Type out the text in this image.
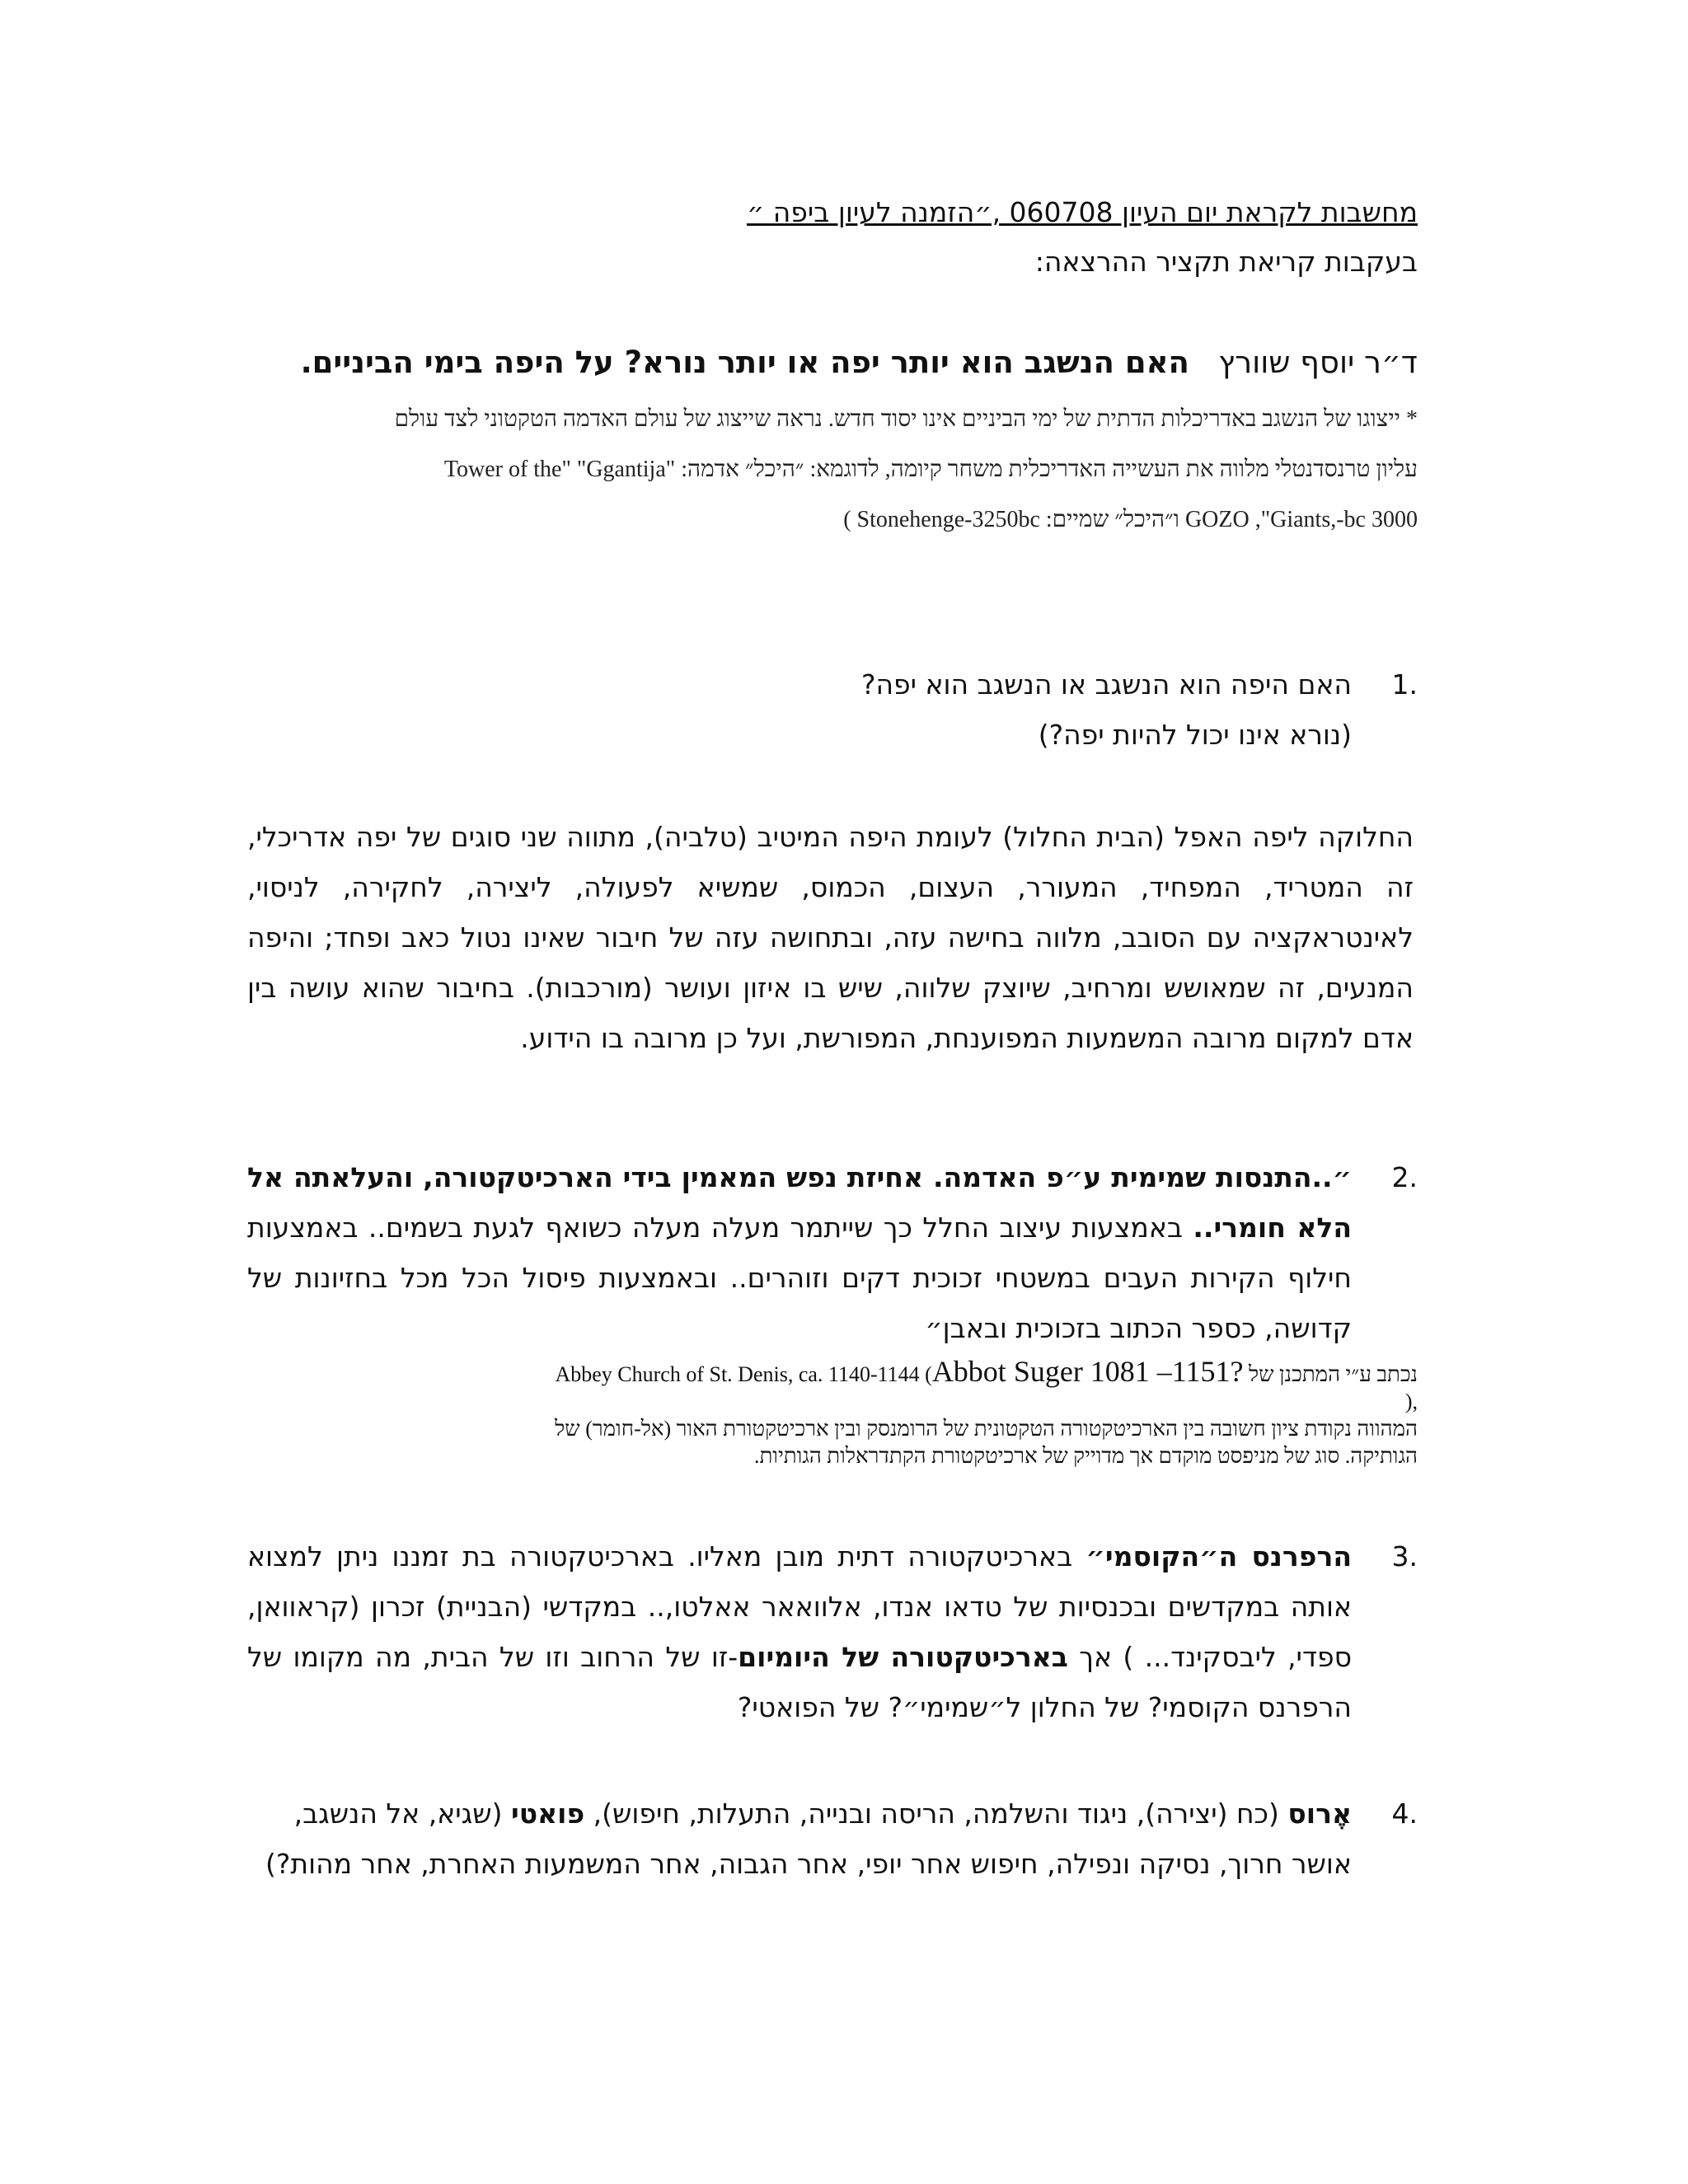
מחשבות לקראת יום העיון 060708 ,״הזמנה לעיון ביפה ״
בעקבות קריאת תקציר ההרצאה:
ד״ר יוסף שוורץ   האם הנשגב הוא יותר יפה או יותר נורא? על היפה בימי הביניים.
* ייצוגו של הנשגב באדריכלות הדתית של ימי הביניים אינו יסוד חדש. נראה שייצוג של עולם האדמה הטקטוני לצד עולם
עליון טרנסדנטלי מלווה את העשייה האדריכלית משחר קיומה, לדוגמא: ״היכל״ אדמה: "Tower of the" "Ggantija
GOZO ,"Giants,-bc 3000 ו״היכל״ שמיים: Stonehenge-3250bc )
.1
האם היפה הוא הנשגב או הנשגב הוא יפה?
(נורא אינו יכול להיות יפה?)
החלוקה ליפה האפל (הבית החלול) לעומת היפה המיטיב (טלביה), מתווה שני סוגים של יפה אדריכלי, זה המטריד, המפחיד, המעורר, העצום, הכמוס, שמשיא לפעולה, ליצירה, לחקירה, לניסוי, לאינטראקציה עם הסובב, מלווה בחישה עזה, ובתחושה עזה של חיבור שאינו נטול כאב ופחד; והיפה המנעים, זה שמאושש ומרחיב, שיוצק שלווה, שיש בו איזון ועושר (מורכבות). בחיבור שהוא עושה בין אדם למקום מרובה המשמעות המפוענחת, המפורשת, ועל כן מרובה בו הידוע.
.2
״..התנסות שמימית ע״פ האדמה. אחיזת נפש המאמין בידי הארכיטקטורה, והעלאתה אל הלא חומרי.. באמצעות עיצוב החלל כך שייתמר מעלה מעלה כשואף לגעת בשמים.. באמצעות חילוף הקירות העבים במשטחי זכוכית דקים וזוהרים.. ובאמצעות פיסול הכל מכל בחזיונות של קדושה, כספר הכתוב בזכוכית ובאבן״
נכתב ע״י המתכנן של Abbey Church of St. Denis, ca. 1140-1144 (Abbot Suger 1081 –1151? ),
המהווה נקודת ציון חשובה בין הארכיטקטורה הטקטונית של הרומנסק ובין ארכיטקטורת האור (אל-חומר) של
הגותיקה. סוג של מניפסט מוקדם אך מדוייק של ארכיטקטורת הקתדראלות הגותיות.
.3
הרפרנס ה״הקוסמי״ בארכיטקטורה דתית מובן מאליו. בארכיטקטורה בת זמננו ניתן למצוא אותה במקדשים ובכנסיות של טדאו אנדו, אלוואאר אאלטו,.. במקדשי (הבניית) זכרון (קראוואן, ספדי, ליבסקינד... ) אך בארכיטקטורה של היומיום-זו של הרחוב וזו של הבית, מה מקומו של הרפרנס הקוסמי? של החלון ל״שמימי״? של הפואטי?
.4
אֶרוס (כח (יצירה), ניגוד והשלמה, הריסה ובנייה, התעלות, חיפוש), פואטי (שגיא, אל הנשגב, אושר חרוך, נסיקה ונפילה, חיפוש אחר יופי, אחר הגבוה, אחר המשמעות האחרת, אחר מהות?)
